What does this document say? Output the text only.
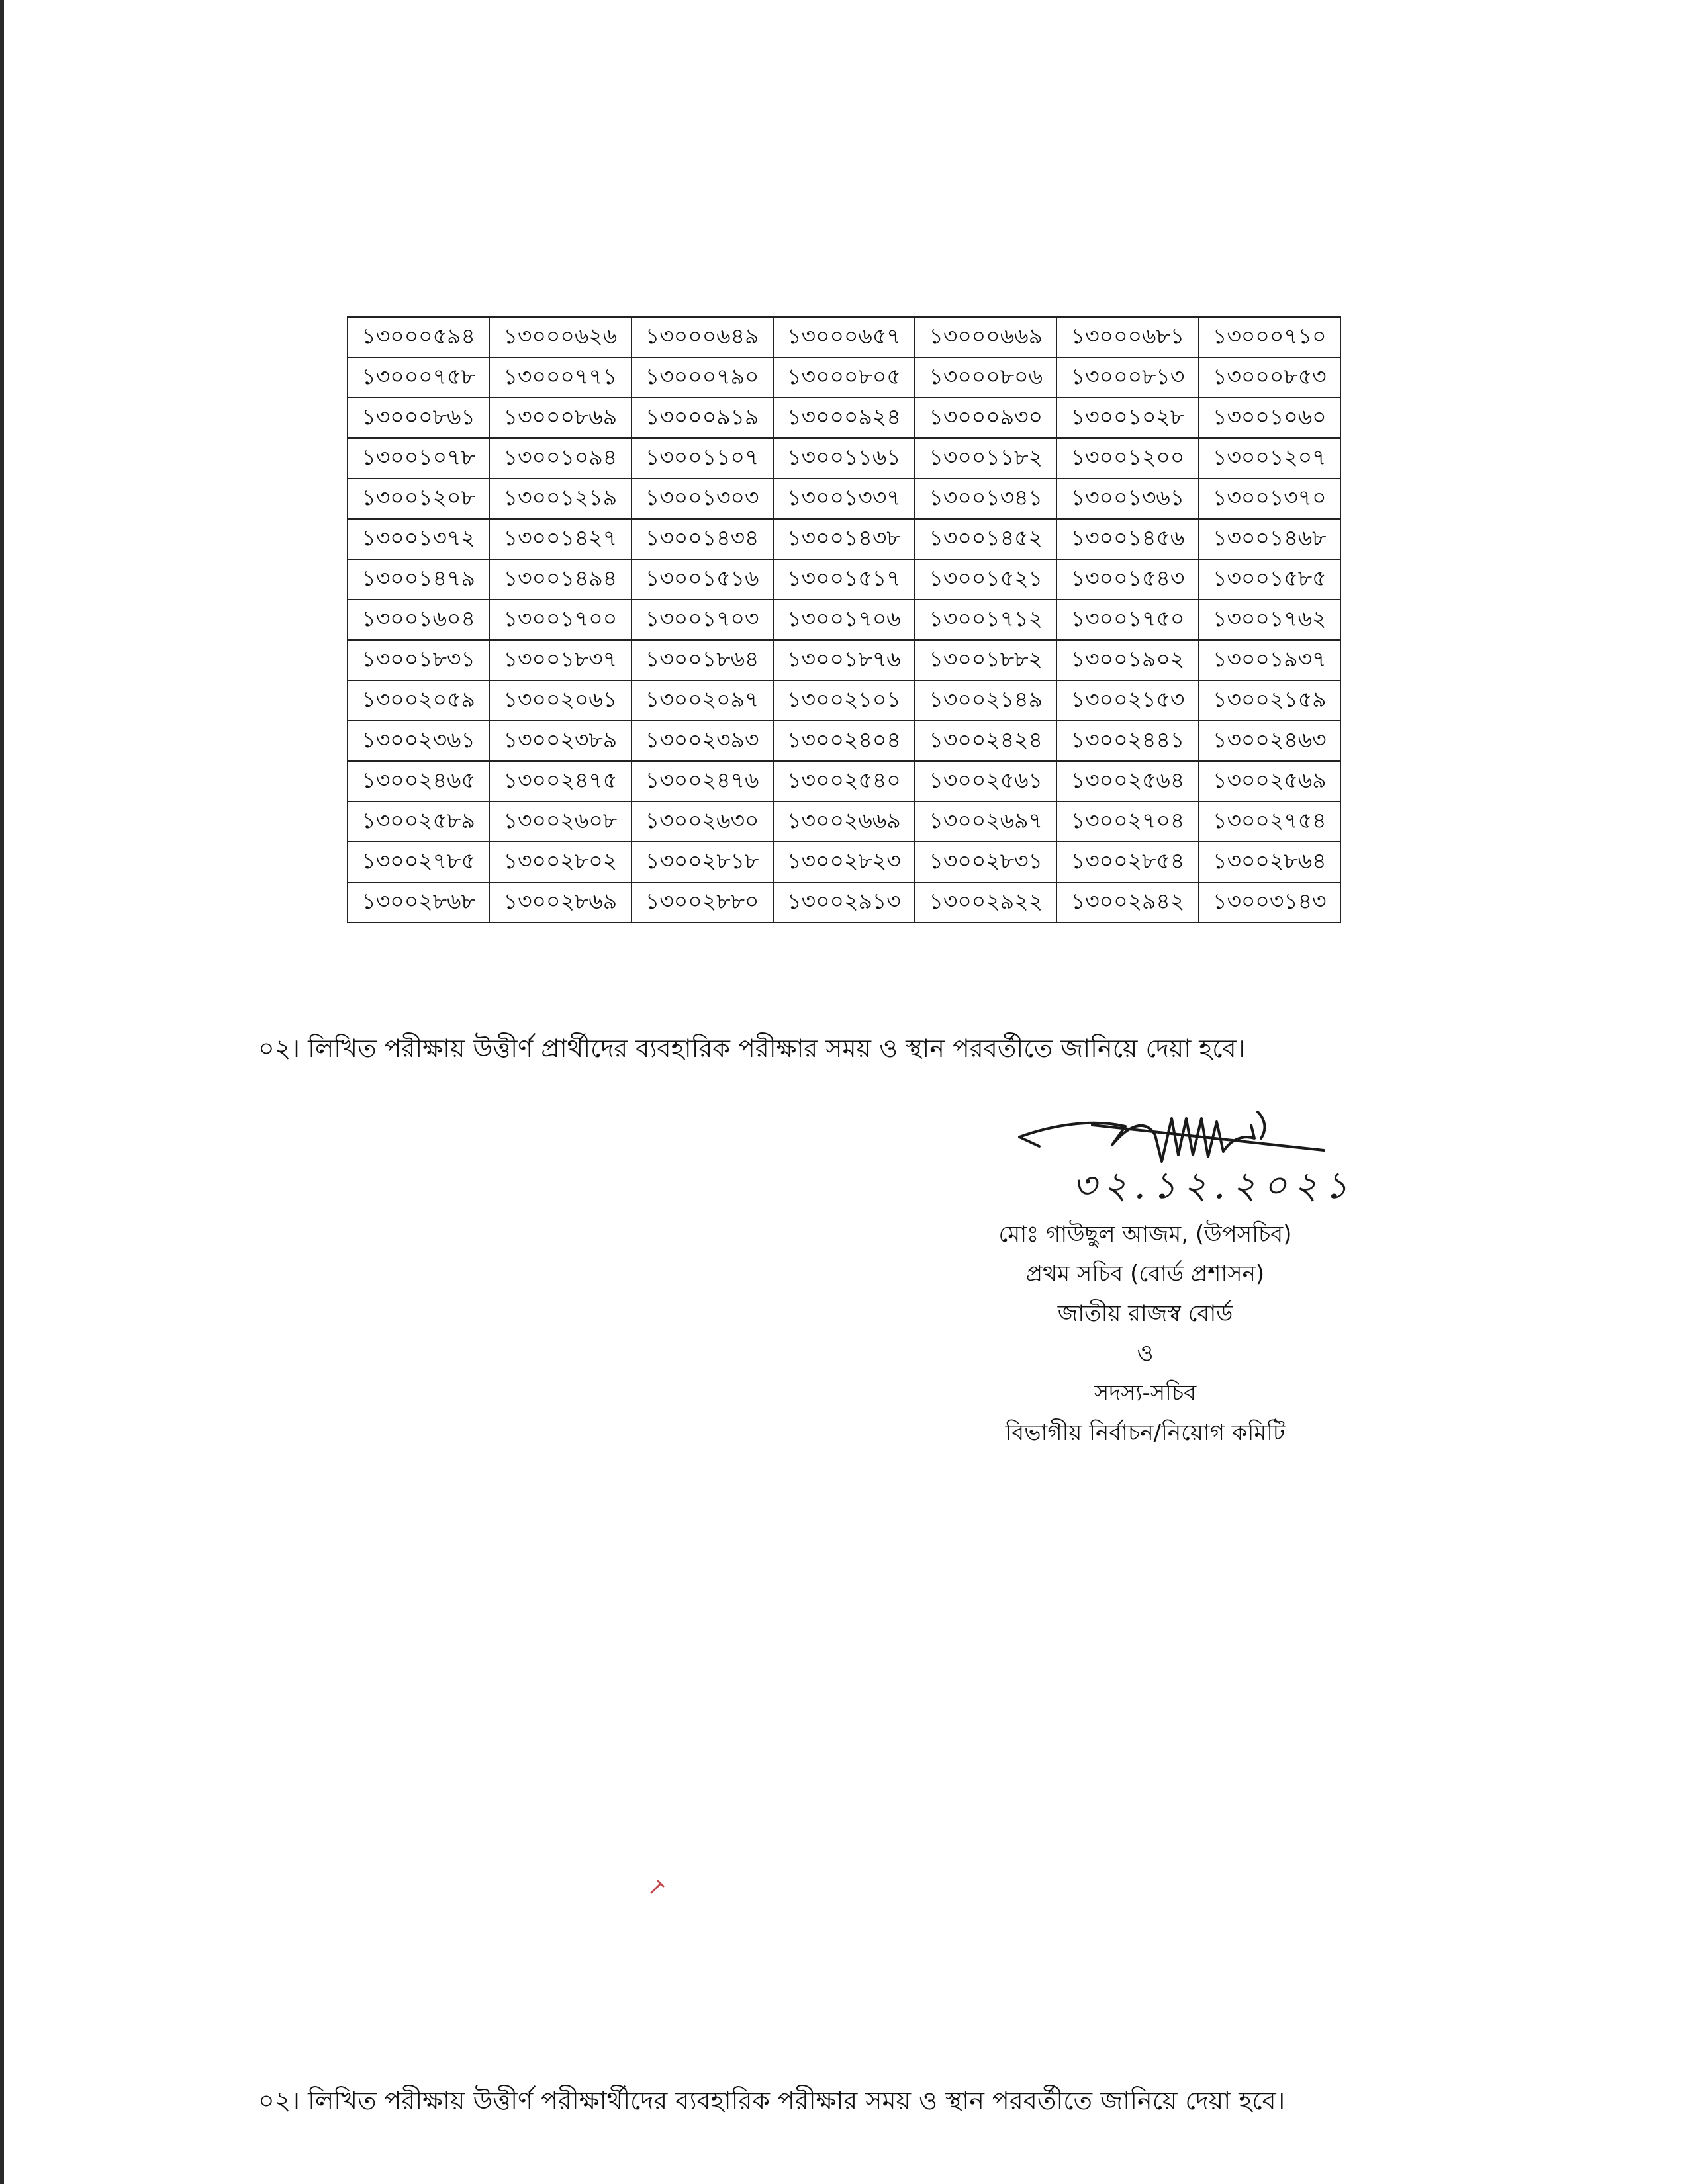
১৩০০০৫৯৪	১৩০০০৬২৬	১৩০০০৬৪৯	১৩০০০৬৫৭	১৩০০০৬৬৯	১৩০০০৬৮১	১৩০০০৭১০
১৩০০০৭৫৮	১৩০০০৭৭১	১৩০০০৭৯০	১৩০০০৮০৫	১৩০০০৮০৬	১৩০০০৮১৩	১৩০০০৮৫৩
১৩০০০৮৬১	১৩০০০৮৬৯	১৩০০০৯১৯	১৩০০০৯২৪	১৩০০০৯৩০	১৩০০১০২৮	১৩০০১০৬০
১৩০০১০৭৮	১৩০০১০৯৪	১৩০০১১০৭	১৩০০১১৬১	১৩০০১১৮২	১৩০০১২০০	১৩০০১২০৭
১৩০০১২০৮	১৩০০১২১৯	১৩০০১৩০৩	১৩০০১৩৩৭	১৩০০১৩৪১	১৩০০১৩৬১	১৩০০১৩৭০
১৩০০১৩৭২	১৩০০১৪২৭	১৩০০১৪৩৪	১৩০০১৪৩৮	১৩০০১৪৫২	১৩০০১৪৫৬	১৩০০১৪৬৮
১৩০০১৪৭৯	১৩০০১৪৯৪	১৩০০১৫১৬	১৩০০১৫১৭	১৩০০১৫২১	১৩০০১৫৪৩	১৩০০১৫৮৫
১৩০০১৬০৪	১৩০০১৭০০	১৩০০১৭০৩	১৩০০১৭০৬	১৩০০১৭১২	১৩০০১৭৫০	১৩০০১৭৬২
১৩০০১৮৩১	১৩০০১৮৩৭	১৩০০১৮৬৪	১৩০০১৮৭৬	১৩০০১৮৮২	১৩০০১৯০২	১৩০০১৯৩৭
১৩০০২০৫৯	১৩০০২০৬১	১৩০০২০৯৭	১৩০০২১০১	১৩০০২১৪৯	১৩০০২১৫৩	১৩০০২১৫৯
১৩০০২৩৬১	১৩০০২৩৮৯	১৩০০২৩৯৩	১৩০০২৪০৪	১৩০০২৪২৪	১৩০০২৪৪১	১৩০০২৪৬৩
১৩০০২৪৬৫	১৩০০২৪৭৫	১৩০০২৪৭৬	১৩০০২৫৪০	১৩০০২৫৬১	১৩০০২৫৬৪	১৩০০২৫৬৯
১৩০০২৫৮৯	১৩০০২৬০৮	১৩০০২৬৩০	১৩০০২৬৬৯	১৩০০২৬৯৭	১৩০০২৭০৪	১৩০০২৭৫৪
১৩০০২৭৮৫	১৩০০২৮০২	১৩০০২৮১৮	১৩০০২৮২৩	১৩০০২৮৩১	১৩০০২৮৫৪	১৩০০২৮৬৪
১৩০০২৮৬৮	১৩০০২৮৬৯	১৩০০২৮৮০	১৩০০২৯১৩	১৩০০২৯২২	১৩০০২৯৪২	১৩০০৩১৪৩
০২। লিখিত পরীক্ষায় উত্তীর্ণ প্রার্থীদের ব্যবহারিক পরীক্ষার সময় ও স্থান পরবর্তীতে জানিয়ে দেয়া হবে।
৩২.১২.২০২১
মোঃ গাউছুল আজম, (উপসচিব)
প্রথম সচিব (বোর্ড প্রশাসন)
জাতীয় রাজস্ব বোর্ড
ও
সদস্য-সচিব
বিভাগীয় নির্বাচন/নিয়োগ কমিটি
০২। লিখিত পরীক্ষায় উত্তীর্ণ পরীক্ষার্থীদের ব্যবহারিক পরীক্ষার সময় ও স্থান পরবর্তীতে জানিয়ে দেয়া হবে।
